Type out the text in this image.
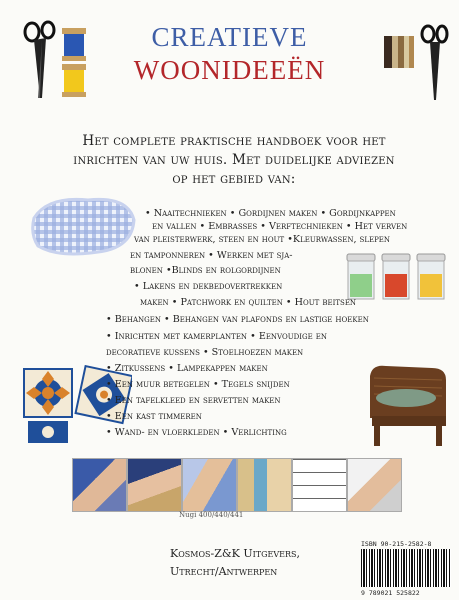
CREATIEVE
WOONIDEEËN
Het complete praktische handboek voor het inrichten van uw huis. Met duidelijke adviezen op het gebied van:
• Naaitechnieken • Gordijnen maken • Gordijnkappen
en vallen • Embrasses • Verftechnieken • Het verven
van pleisterwerk, steen en hout •Kleurwassen, slepen
en tamponneren • Werken met sja-
blonen •Blinds en rolgordijnen
• Lakens en dekbedovertrekken
maken • Patchwork en quilten • Hout beitsen
• Behangen • Behangen van plafonds en lastige hoeken
• Inrichten met kamerplanten • Eenvoudige en
decoratieve kussens • Stoelhoezen maken
• Zitkussens • Lampekappen maken
• Een muur betegelen • Tegels snijden
• Een tafelkleed en servetten maken
• Een kast timmeren
• Wand- en vloerkleden • Verlichting
Nugi 400/440/441
Kosmos-Z&K Uitgevers,
Utrecht/Antwerpen
ISBN 90-215-2582-8
9 789021 525822
